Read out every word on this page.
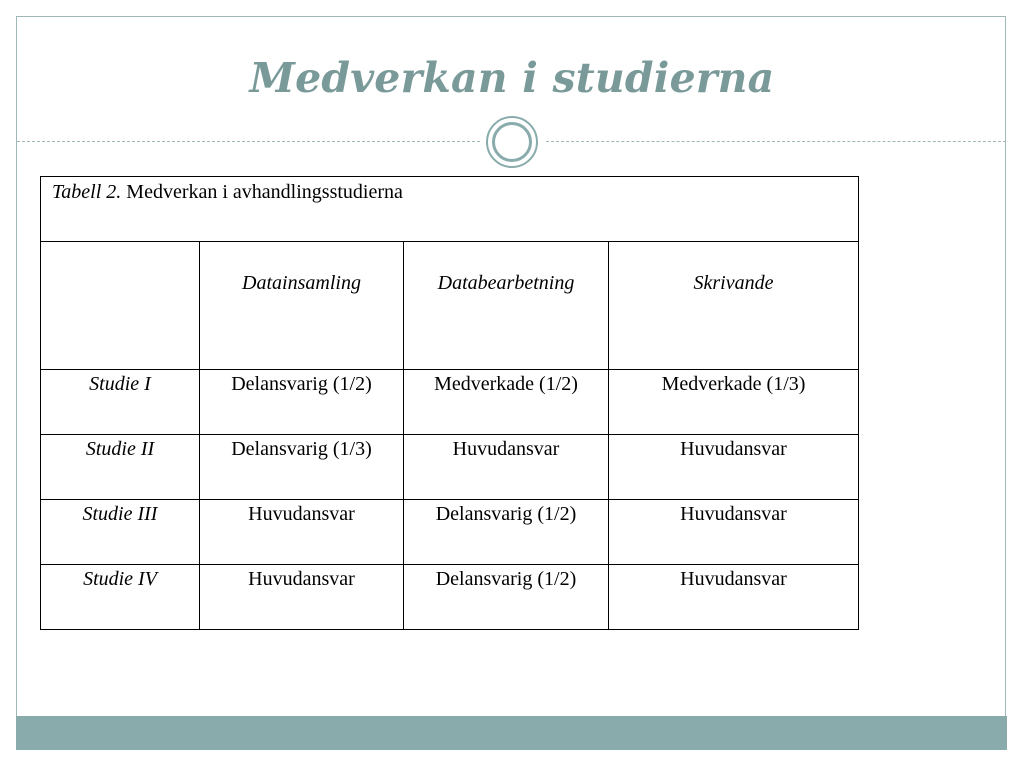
Medverkan i studierna
Tabell 2. Medverkan i avhandlingsstudierna			
	Datainsamling	Databearbetning	Skrivande
Studie I	Delansvarig (1/2)	Medverkade (1/2)	Medverkade (1/3)
Studie II	Delansvarig (1/3)	Huvudansvar	Huvudansvar
Studie III	Huvudansvar	Delansvarig (1/2)	Huvudansvar
Studie IV	Huvudansvar	Delansvarig (1/2)	Huvudansvar
